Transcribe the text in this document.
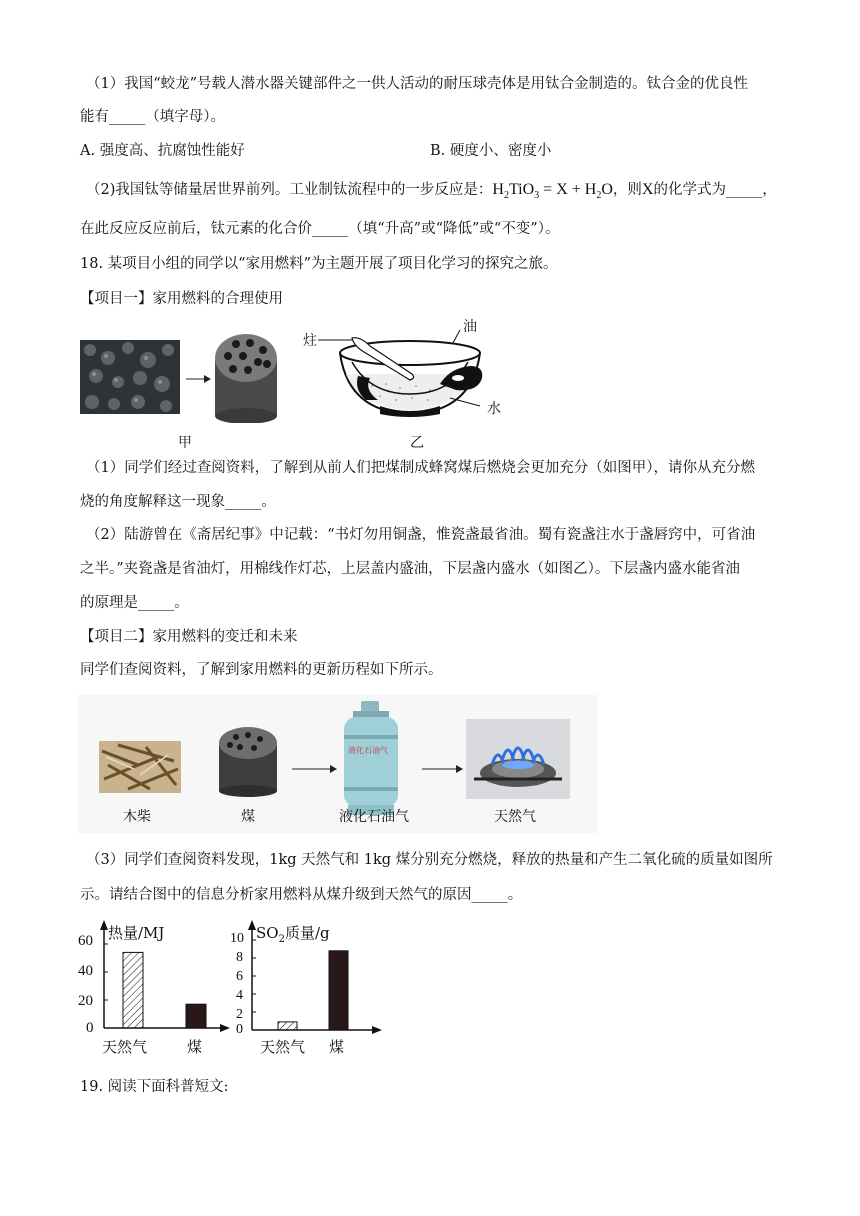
（1）我国“蛟龙”号载人潜水器关键部件之一供人活动的耐压球壳体是用钛合金制造的。钛合金的优良性
能有_____（填字母）。
A. 强度高、抗腐蚀性能好	B. 硬度小、密度小
（2)我国钛等储量居世界前列。工业制钛流程中的一步反应是：$H_2TiO_3 = X + H_2O$，则X的化学式为_____，
在此反应反应前后，钛元素的化合价_____（填“升高”或“降低”或“不变”）。
18. 某项目小组的同学以“家用燃料”为主题开展了项目化学习的探究之旅。
【项目一】家用燃料的合理使用
甲
炷
油
水
乙
（1）同学们经过查阅资料，了解到从前人们把煤制成蜂窝煤后燃烧会更加充分（如图甲），请你从充分燃
烧的角度解释这一现象_____。
（2）陆游曾在《斋居纪事》中记载：“书灯勿用铜盏，惟瓷盏最省油。蜀有瓷盏注水于盏唇窍中，可省油
之半。”夹瓷盏是省油灯，用棉线作灯芯，上层盖内盛油，下层盏内盛水（如图乙）。下层盏内盛水能省油
的原理是_____。
【项目二】家用燃料的变迁和未来
同学们查阅资料，了解到家用燃料的更新历程如下所示。
液化石油气
木柴	煤	液化石油气	天然气
（3）同学们查阅资料发现，1kg 天然气和 1kg 煤分别充分燃烧，释放的热量和产生二氧化硫的质量如图所
示。请结合图中的信息分析家用燃料从煤升级到天然气的原因_____。
热量/MJ
天然气	煤
60
40
20
0
$SO_2$质量/g
天然气 煤
10
8
6
4
2
0
19. 阅读下面科普短文:
